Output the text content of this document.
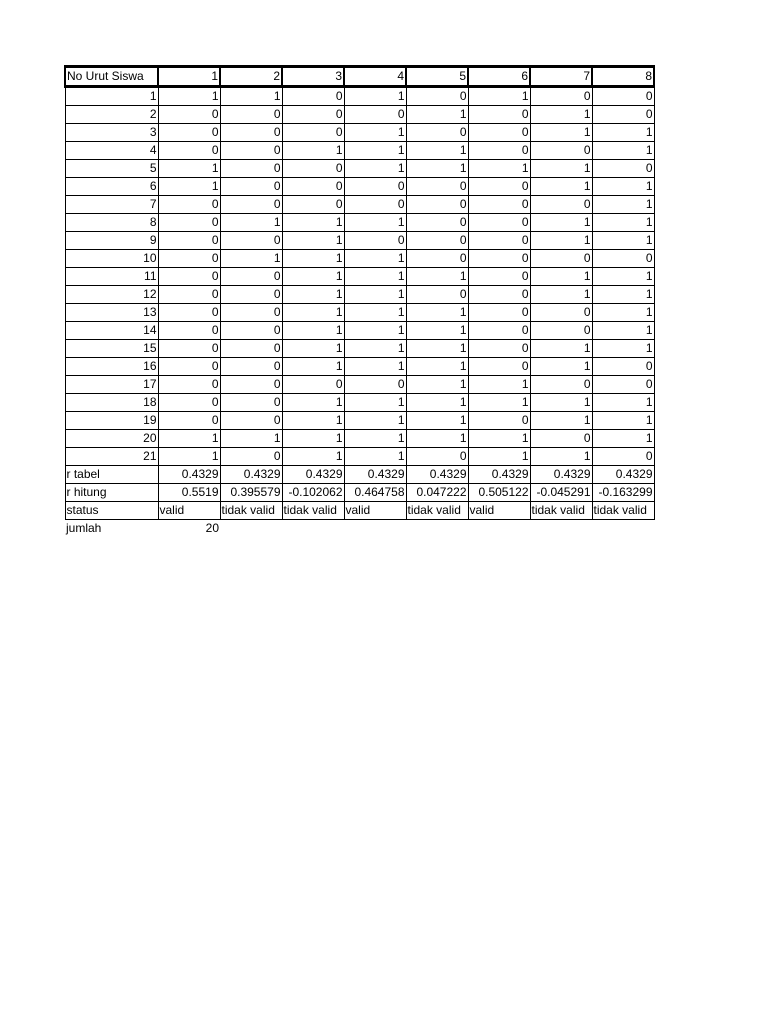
No Urut Siswa	1	2	3	4	5	6	7	8
1	1	1	0	1	0	1	0	0
2	0	0	0	0	1	0	1	0
3	0	0	0	1	0	0	1	1
4	0	0	1	1	1	0	0	1
5	1	0	0	1	1	1	1	0
6	1	0	0	0	0	0	1	1
7	0	0	0	0	0	0	0	1
8	0	1	1	1	0	0	1	1
9	0	0	1	0	0	0	1	1
10	0	1	1	1	0	0	0	0
11	0	0	1	1	1	0	1	1
12	0	0	1	1	0	0	1	1
13	0	0	1	1	1	0	0	1
14	0	0	1	1	1	0	0	1
15	0	0	1	1	1	0	1	1
16	0	0	1	1	1	0	1	0
17	0	0	0	0	1	1	0	0
18	0	0	1	1	1	1	1	1
19	0	0	1	1	1	0	1	1
20	1	1	1	1	1	1	0	1
21	1	0	1	1	0	1	1	0
r tabel	0.4329	0.4329	0.4329	0.4329	0.4329	0.4329	0.4329	0.4329
r hitung	0.5519	0.395579	-0.102062	0.464758	0.047222	0.505122	-0.045291	-0.163299
status	valid	tidak valid	tidak valid	valid	tidak valid	valid	tidak valid	tidak valid
jumlah	20							
